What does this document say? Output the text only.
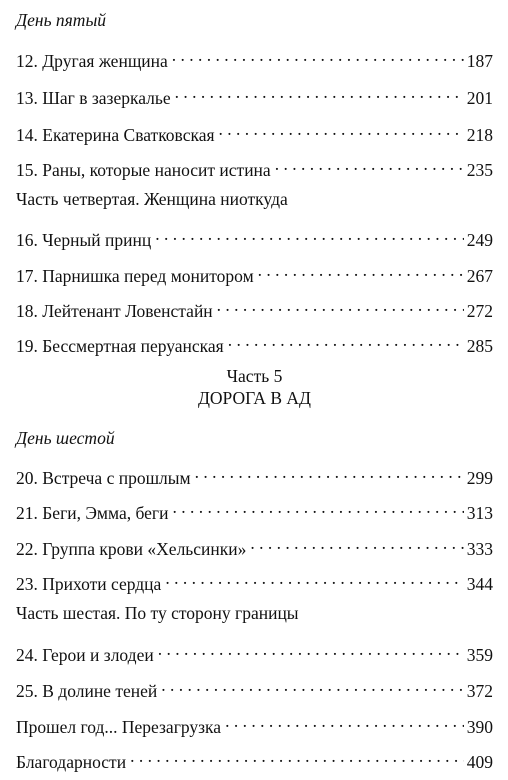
День пятый
12. Другая женщина . . .	187
13. Шаг в зазеркалье . . .	201
14. Екатерина Сватковская . . .	218
15. Раны, которые наносит истина . . .	235
Часть четвертая. Женщина ниоткуда
16. Черный принц . . .	249
17. Парнишка перед монитором . . .	267
18. Лейтенант Ловенстайн . . .	272
19. Бессмертная перуанская . . .	285
Часть 5
ДОРОГА В АД
День шестой
20. Встреча с прошлым . . .	299
21. Беги, Эмма, беги . . .	313
22. Группа крови «Хельсинки» . . .	333
23. Прихоти сердца . . .	344
Часть шестая. По ту сторону границы
24. Герои и злодеи . . .	359
25. В долине теней . . .	372
Прошел год... Перезагрузка . . .	390
Благодарности . . .	409
